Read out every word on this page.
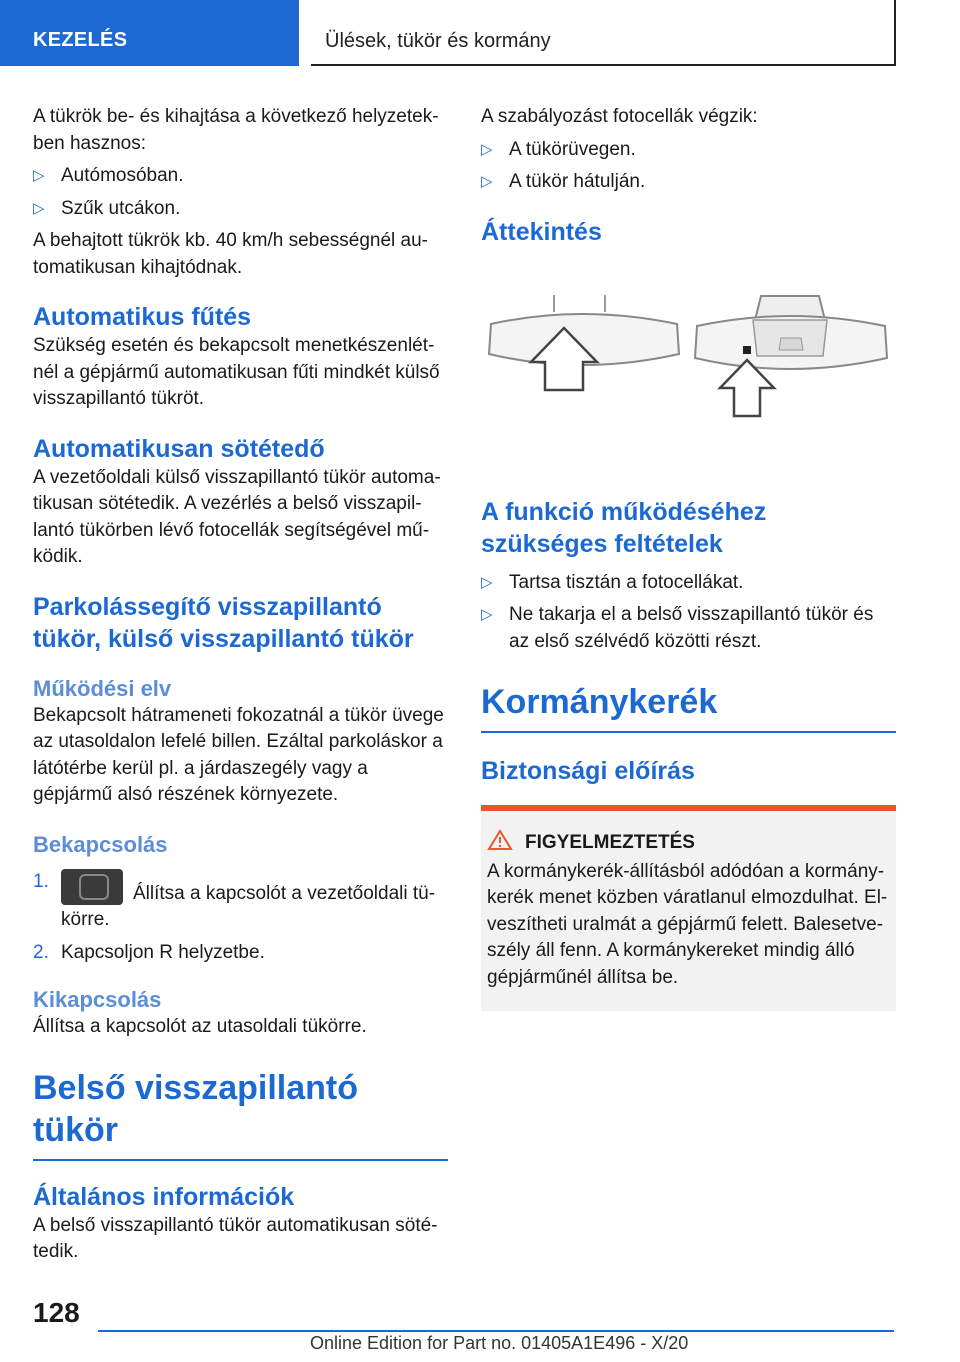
KEZELÉS	Ülések, tükör és kormány

A tükrök be- és kihajtása a következő helyzetek-ben hasznos:

▷ Autómosóban.
▷ Szűk utcákon.

A behajtott tükrök kb. 40 km/h sebességnél au-tomatikusan kihajtódnak.

Automatikus fűtés

Szükség esetén és bekapcsolt menetkészenlét-nél a gépjármű automatikusan fűti mindkét külső visszapillantó tükröt.

Automatikusan sötétedő

A vezetőoldali külső visszapillantó tükör automa-tikusan sötétedik. A vezérlés a belső visszapil-lantó tükörben lévő fotocellák segítségével mű-ködik.

Parkolássegítő visszapillantó tükör, külső visszapillantó tükör
Működési elv

Bekapcsolt hátrameneti fokozatnál a tükör üvege az utasoldalon lefelé billen. Ezáltal parkoláskor a látótérbe kerül pl. a járdaszegély vagy a gépjármű alsó részének környezete.

Bekapcsolás
1.
Állítsa a kapcsolót a vezetőoldali tü-körre.
2. Kapcsoljon R helyzetbe.
Kikapcsolás

Állítsa a kapcsolót az utasoldali tükörre.

Belső visszapillantó tükör
Általános információk

A belső visszapillantó tükör automatikusan söté-tedik.

A szabályozást fotocellák végzik:

▷ A tükörüvegen.
▷ A tükör hátulján.
Áttekintés
A funkció működéséhez szükséges feltételek
▷ Tartsa tisztán a fotocellákat.
▷ Ne takarja el a belső visszapillantó tükör és az első szélvédő közötti részt.
Kormánykerék
Biztonsági előírás
FIGYELMEZTETÉS

A kormánykerék-állításból adódóan a kormány-kerék menet közben váratlanul elmozdulhat. El-veszítheti uralmát a gépjármű felett. Balesetve-szély áll fenn. A kormánykereket mindig álló gépjárműnél állítsa be.

128
Online Edition for Part no. 01405A1E496 - X/20
